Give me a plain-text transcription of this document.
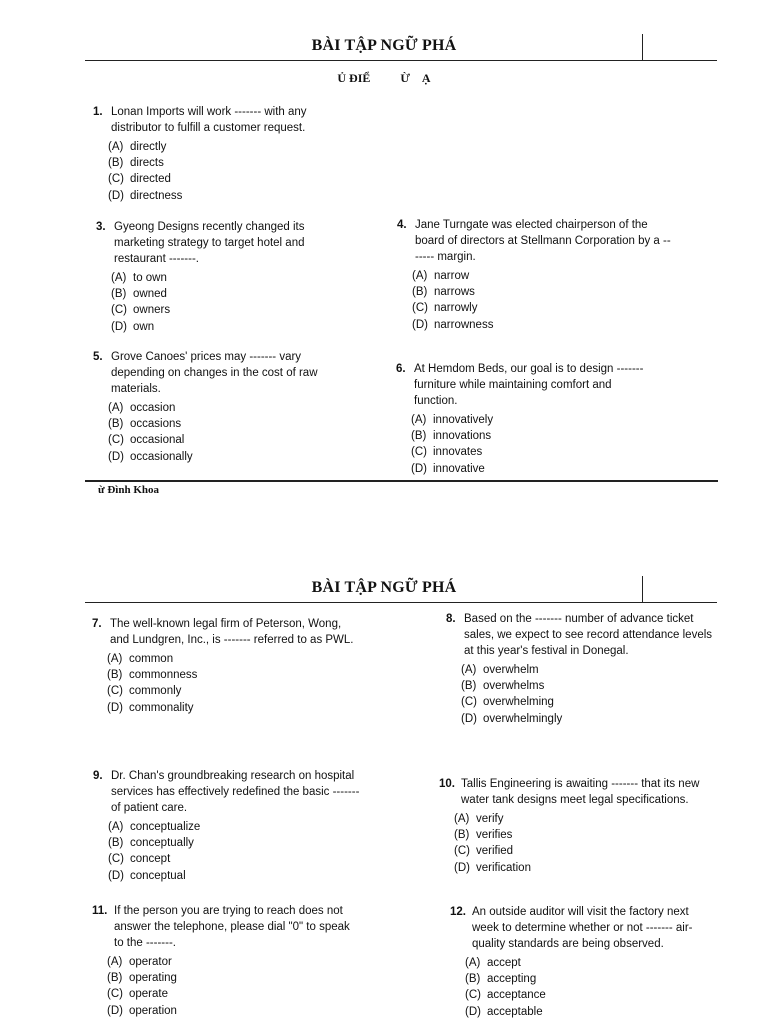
BÀI TẬP NGỮ PHÁ
Ủ ĐIỂ          Ừ    Ạ
1. Lonan Imports will work ------- with any distributor to fulfill a customer request.
(A) directly
(B) directs
(C) directed
(D) directness
3. Gyeong Designs recently changed its marketing strategy to target hotel and restaurant -------.
(A) to own
(B) owned
(C) owners
(D) own
4. Jane Turngate was elected chairperson of the board of directors at Stellmann Corporation by a ------- margin.
(A) narrow
(B) narrows
(C) narrowly
(D) narrowness
5. Grove Canoes' prices may ------- vary depending on changes in the cost of raw materials.
(A) occasion
(B) occasions
(C) occasional
(D) occasionally
6. At Hemdom Beds, our goal is to design ------- furniture while maintaining comfort and function.
(A) innovatively
(B) innovations
(C) innovates
(D) innovative
ừ Đình Khoa
BÀI TẬP NGỮ PHÁ
7. The well-known legal firm of Peterson, Wong, and Lundgren, Inc., is ------- referred to as PWL.
(A) common
(B) commonness
(C) commonly
(D) commonality
8. Based on the ------- number of advance ticket sales, we expect to see record attendance levels at this year's festival in Donegal.
(A) overwhelm
(B) overwhelms
(C) overwhelming
(D) overwhelmingly
9. Dr. Chan's groundbreaking research on hospital services has effectively redefined the basic ------- of patient care.
(A) conceptualize
(B) conceptually
(C) concept
(D) conceptual
10. Tallis Engineering is awaiting ------- that its new water tank designs meet legal specifications.
(A) verify
(B) verifies
(C) verified
(D) verification
11. If the person you are trying to reach does not answer the telephone, please dial "0" to speak to the -------.
(A) operator
(B) operating
(C) operate
(D) operation
12. An outside auditor will visit the factory next week to determine whether or not ------- air-quality standards are being observed.
(A) accept
(B) accepting
(C) acceptance
(D) acceptable
